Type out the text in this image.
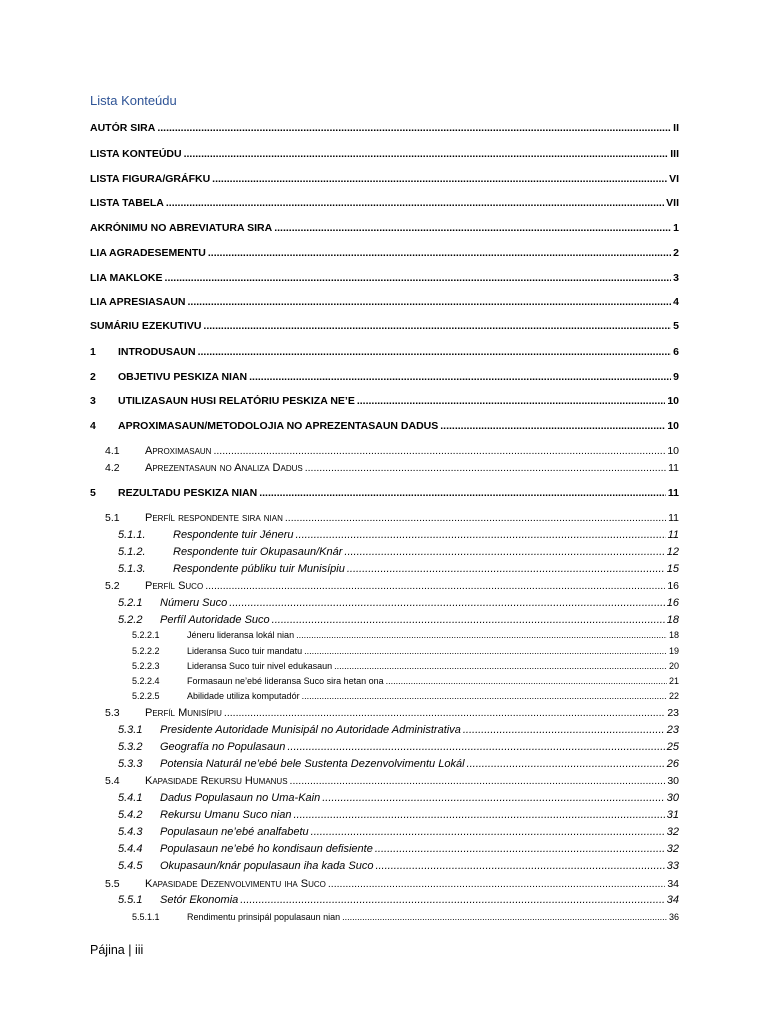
Lista Konteúdu
AUTÓR SIRA .....	II
LISTA KONTEÚDU .....	III
LISTA FIGURA/GRÁFKU .....	VI
LISTA TABELA .....	VII
AKRÓNIMU NO ABREVIATURA SIRA .....	1
LIA AGRADESEMENTU .....	2
LIA MAKLOKE .....	3
LIA APRESIASAUN .....	4
SUMÁRIU EZEKUTIVU .....	5
1	INTRODUSAUN .....	6
2	OBJETIVU PESKIZA NIAN .....	9
3	UTILIZASAUN HUSI RELATÓRIU PESKIZA NE’E .....	10
4	APROXIMASAUN/METODOLOJIA NO APREZENTASAUN DADUS .....	10
4.1	Aproximasaun .....	10
4.2	Aprezentasaun no Analiza Dadus .....	11
5	REZULTADU PESKIZA NIAN .....	11
5.1	Perfíl respondente sira nian .....	11
5.1.1.	Respondente tuir Jéneru .....	11
5.1.2.	Respondente tuir Okupasaun/Knár .....	12
5.1.3.	Respondente públiku tuir Munisípiu .....	15
5.2	Perfíl Suco .....	16
5.2.1	Númeru Suco .....	16
5.2.2	Perfíl Autoridade Suco .....	18
5.2.2.1	Jéneru lideransa lokál nian .....	18
5.2.2.2	Lideransa Suco tuir mandatu .....	19
5.2.2.3	Lideransa Suco tuir nivel edukasaun .....	20
5.2.2.4	Formasaun ne’ebé lideransa Suco sira hetan ona .....	21
5.2.2.5	Abilidade utiliza komputadór .....	22
5.3	Perfíl Munisípiu .....	23
5.3.1	Presidente Autoridade Munisipál no Autoridade Administrativa .....	23
5.3.2	Geografía no Populasaun .....	25
5.3.3	Potensia Naturál ne’ebé bele Sustenta Dezenvolvimentu Lokál .....	26
5.4	Kapasidade Rekursu Humanus .....	30
5.4.1	Dadus Populasaun no Uma-Kain .....	30
5.4.2	Rekursu Umanu Suco nian .....	31
5.4.3	Populasaun ne’ebé analfabetu .....	32
5.4.4	Populasaun ne’ebé ho kondisaun defisiente .....	32
5.4.5	Okupasaun/knár populasaun iha kada Suco .....	33
5.5	Kapasidade Dezenvolvimentu iha Suco .....	34
5.5.1	Setór Ekonomia .....	34
5.5.1.1	Rendimentu prinsipál populasaun nian .....	36
Pájina | iii
